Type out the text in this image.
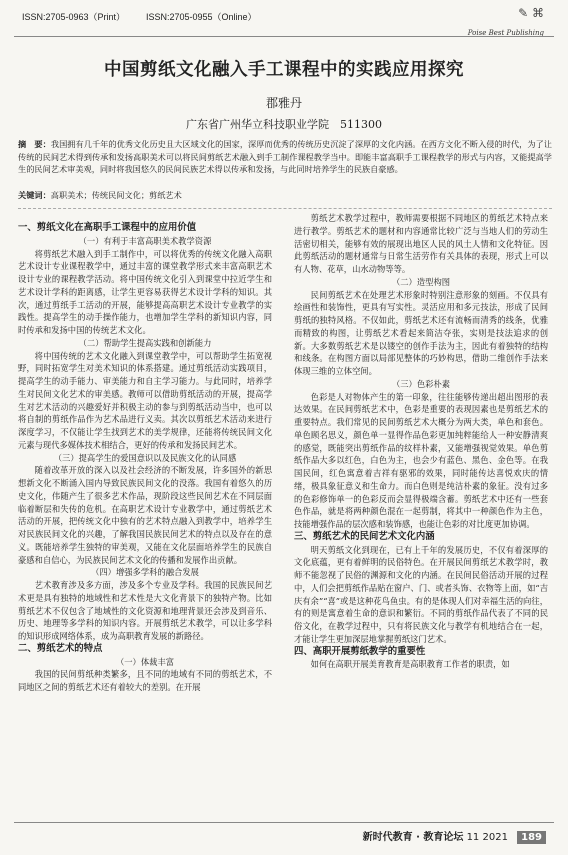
ISSN:2705-0963（Print） ISSN:2705-0955（Online）	✎ ⌘
Poise Best Publishing
中国剪纸文化融入手工课程中的实践应用探究
郡雅丹
广东省广州华立科技职业学院　511300
摘　要：我国拥有几千年的优秀文化历史且大区域文化的国家，深厚而优秀的传统历史沉淀了深厚的文化内涵。在西方文化不断入侵的时代，为了让传统的民间艺术得到传承和发扬高职美术可以将民间剪纸艺术融入到手工制作课程教学当中。即能丰富高职手工课程教学的形式与内容，又能提高学生的民间艺术审美观，同时将我国悠久的民间民族艺术得以传承和发扬，与此同时培养学生的民族自豪感。
关键词：高职美术；传统民间文化；剪纸艺术

一、剪纸文化在高职手工课程中的应用价值

（一）有利于丰富高职美术教学资源

将剪纸艺术融入到手工制作中，可以将优秀的传统文化融入高职艺术设计专业课程教学中，通过丰富的课堂教学形式来丰富高职艺术设计专业的课程教学活动。将中国传统文化引入到课堂中拉近学生和艺术设计学科的距离感，让学生更容易获得艺术设计学科的知识。其次，通过剪纸手工活动的开展，能够提高高职艺术设计专业教学的实践性。提高学生的动手操作能力，也增加学生学科的新知识内容，同时传承和发扬中国的传统艺术文化。

（二）帮助学生提高实践和创新能力

将中国传统的艺术文化融入到课堂教学中，可以帮助学生拓宽视野，同时拓宽学生对美术知识的体系搭建。通过剪纸活动实践项目，提高学生的动手能力、审美能力和自主学习能力。与此同时，培养学生对民间文化艺术的审美感。教师可以借助剪纸活动的开展，提高学生对艺术活动的兴趣爱好并积极主动的参与到剪纸活动当中，也可以将自制的剪纸作品作为艺术品进行义卖。其次以剪纸艺术活动来进行深度学习，不仅能让学生找到艺术的美学规律，还能将传统民间文化元素与现代多媒体技术相结合，更好的传承和发扬民间艺术。

（三）提高学生的爱国意识以及民族文化的认同感

随着改革开放的深入以及社会经济的不断发展，许多国外的新思想新文化不断涌入国内导致民族民间文化的没落。我国有着悠久的历史文化，伟随产生了很多艺术作品，现阶段这些民间艺术在不同层面临着断层和失传的危机。在高职艺术设计专业教学中，通过剪纸艺术活动的开展，把传统文化中独有的艺术特点融入到教学中，培养学生对民族民间文化的兴趣，了解我国民族民间艺术的特点以及存在的意义。既能培养学生独特的审美观，又能在文化层面培养学生的民族自豪感和自信心，为民族民间艺术文化的传播和发展作出贡献。

（四）增强多学科的融合发展

艺术教育涉及多方面，涉及多个专业及学科。我国的民族民间艺术更是具有独特的地域性和艺术性是大文化背景下的独特产物。比如剪纸艺术不仅包含了地域性的文化资源和地理背景还会涉及到音乐、历史、地理等多学科的知识内容。开展剪纸艺术教学，可以让多学科的知识形成网络体系，成为高职教育发展的新路径。

二、剪纸艺术的特点

（一）体裁丰富

我国的民间剪纸种类繁多，且不同的地域有不同的剪纸艺术，不同地区之间的剪纸艺术还有着较大的差别。在开展

剪纸艺术教学过程中，教师需要根据不同地区的剪纸艺术特点来进行教学。剪纸艺术的题材和内容通常比较广泛与当地人们的劳动生活密切相关，能够有效的展现出地区人民的风土人情和文化特征。因此剪纸活动的题材通常与日常生活劳作有关具体的表现，形式上可以有人物、花草，山水动物等等。

（二）造型构图

民间剪纸艺术在处理艺术形象时特别注意形象的刻画。不仅具有绘画性和装饰性，更具有写实性。灵活应用和多元技法，形成了民间剪纸的独特风格。不仅如此，剪纸艺术还有流畅而清秀的线条，优雅而精致的构图，让剪纸艺术看起来简洁夺张，实则是技法追求的创新。大多数剪纸艺术是以镂空的创作手法为主，因此有着独特的结构和线条。在构图方面以局部见整体的巧妙构思，借助二维创作手法来体现三维的立体空间。

（三）色彩朴素

色彩是人对物体产生的第一印象，往往能够传递出超出图形的表达效果。在民间剪纸艺术中，色彩是重要的表现因素也是剪纸艺术的重要特点。我们常见的民间剪纸艺术大概分为两大类，单色和套色。单色顾名思义，颜色单一显得作品色彩更加纯粹能给人一种安静清爽的感觉，既能突出剪纸作品的纹样朴素，又能增强视觉效果。单色剪纸作品大多以红色，白色为主，也会少有蓝色、黑色、金色等。在我国民间，红色寓意着吉祥有驱邪的效果，同时能传达喜悦欢庆的情绪，极具象征意义和生命力。而白色则是纯洁朴素的象征。没有过多的色彩修饰单一的色彩反而会显得极端含蓄。剪纸艺术中还有一些套色作品，就是将两种颜色混在一起剪制，将其中一种颜色作为主色，技能增强作品的层次感和装饰感，也能让色彩的对比度更加协调。

三、剪纸艺术的民间艺术文化内涵

明天剪纸文化到现在，已有上千年的发展历史，不仅有着深厚的文化底蕴，更有着鲜明的民俗特色。在开展民间剪纸艺术教学时，教师不能忽视了民俗的渊源和文化的内涵。在民间民俗活动开展的过程中，人们会把剪纸作品贴在窗户、门、或者头饰、衣物等上面，如“吉庆有余”“喜”或是这种花鸟鱼虫。有的是体现人们对幸福生活的向往，有的则是寓意着生命的意识和繁衍。不同的剪纸作品代表了不同的民俗文化，在教学过程中，只有将民族文化与教学有机地结合在一起，才能让学生更加深层地掌握剪纸这门艺术。

四、高职开展剪纸教学的重要性

如何在高职开展美育教育是高职教育工作者的职责，如

新时代教育 · 教育论坛 11 2021 189
